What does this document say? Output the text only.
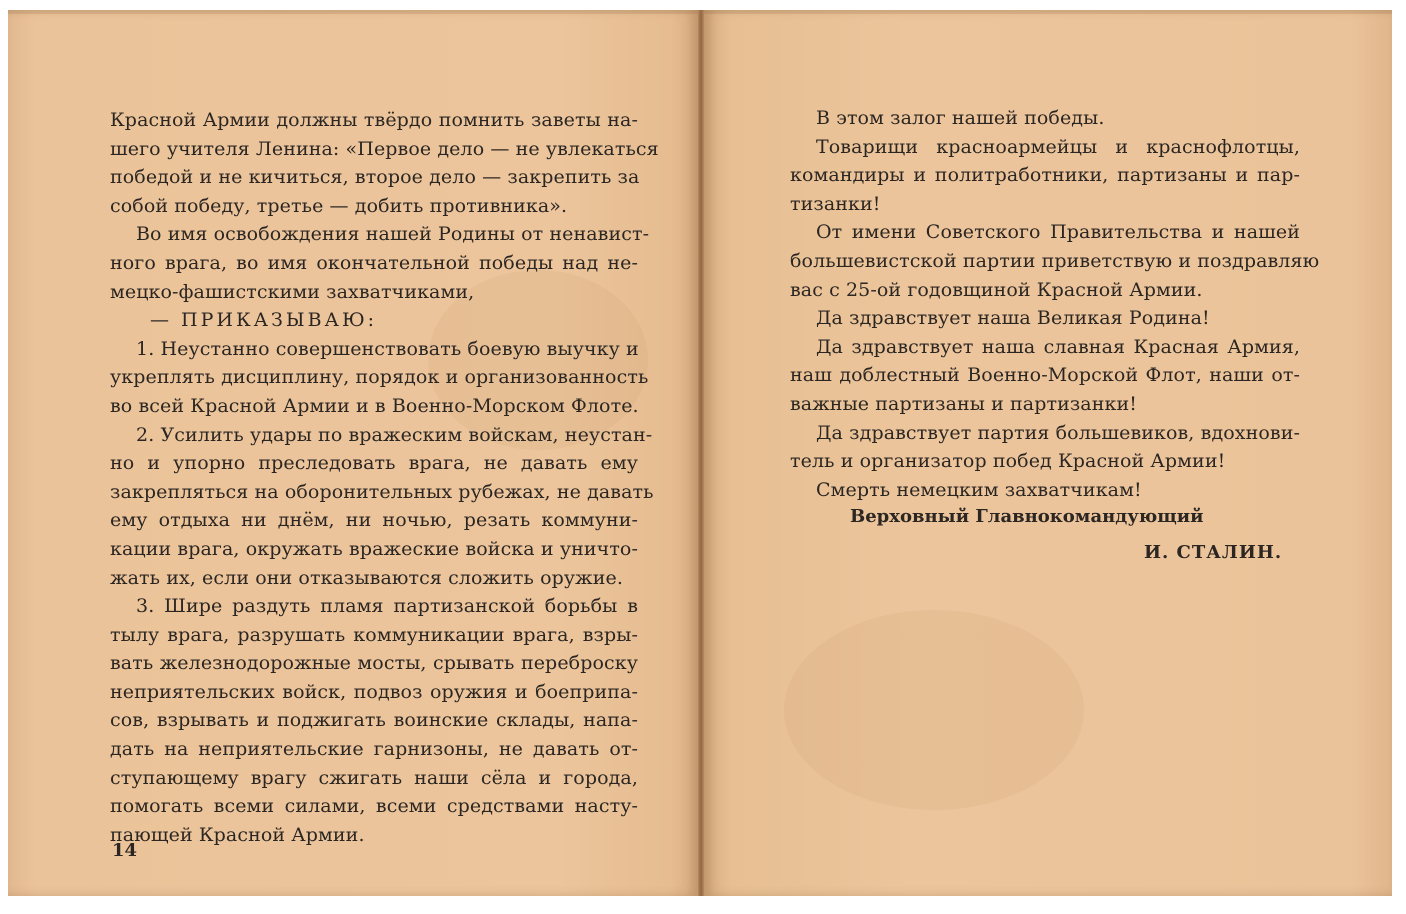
Красной Армии должны твёрдо помнить заветы на-
шего учителя Ленина: «Первое дело — не увлекаться
победой и не кичиться, второе дело — закрепить за
собой победу, третье — добить противника».
Во имя освобождения нашей Родины от ненавист-
ного врага, во имя окончательной победы над не-
мецко-фашистскими захватчиками,
— ПРИКАЗЫВАЮ:
1. Неустанно совершенствовать боевую выучку и
укреплять дисциплину, порядок и организованность
во всей Красной Армии и в Военно-Морском Флоте.
2. Усилить удары по вражеским войскам, неустан-
но и упорно преследовать врага, не давать ему
закрепляться на оборонительных рубежах, не давать
ему отдыха ни днём, ни ночью, резать коммуни-
кации врага, окружать вражеские войска и уничто-
жать их, если они отказываются сложить оружие.
3. Шире раздуть пламя партизанской борьбы в
тылу врага, разрушать коммуникации врага, взры-
вать железнодорожные мосты, срывать переброску
неприятельских войск, подвоз оружия и боеприпа-
сов, взрывать и поджигать воинские склады, напа-
дать на неприятельские гарнизоны, не давать от-
ступающему врагу сжигать наши сёла и города,
помогать всеми силами, всеми средствами насту-
пающей Красной Армии.
14
В этом залог нашей победы.
Товарищи красноармейцы и краснофлотцы,
командиры и политработники, партизаны и пар-
тизанки!
От имени Советского Правительства и нашей
большевистской партии приветствую и поздравляю
вас с 25-ой годовщиной Красной Армии.
Да здравствует наша Великая Родина!
Да здравствует наша славная Красная Армия,
наш доблестный Военно-Морской Флот, наши от-
важные партизаны и партизанки!
Да здравствует партия большевиков, вдохнови-
тель и организатор побед Красной Армии!
Смерть немецким захватчикам!
Верховный Главнокомандующий
И. СТАЛИН.
